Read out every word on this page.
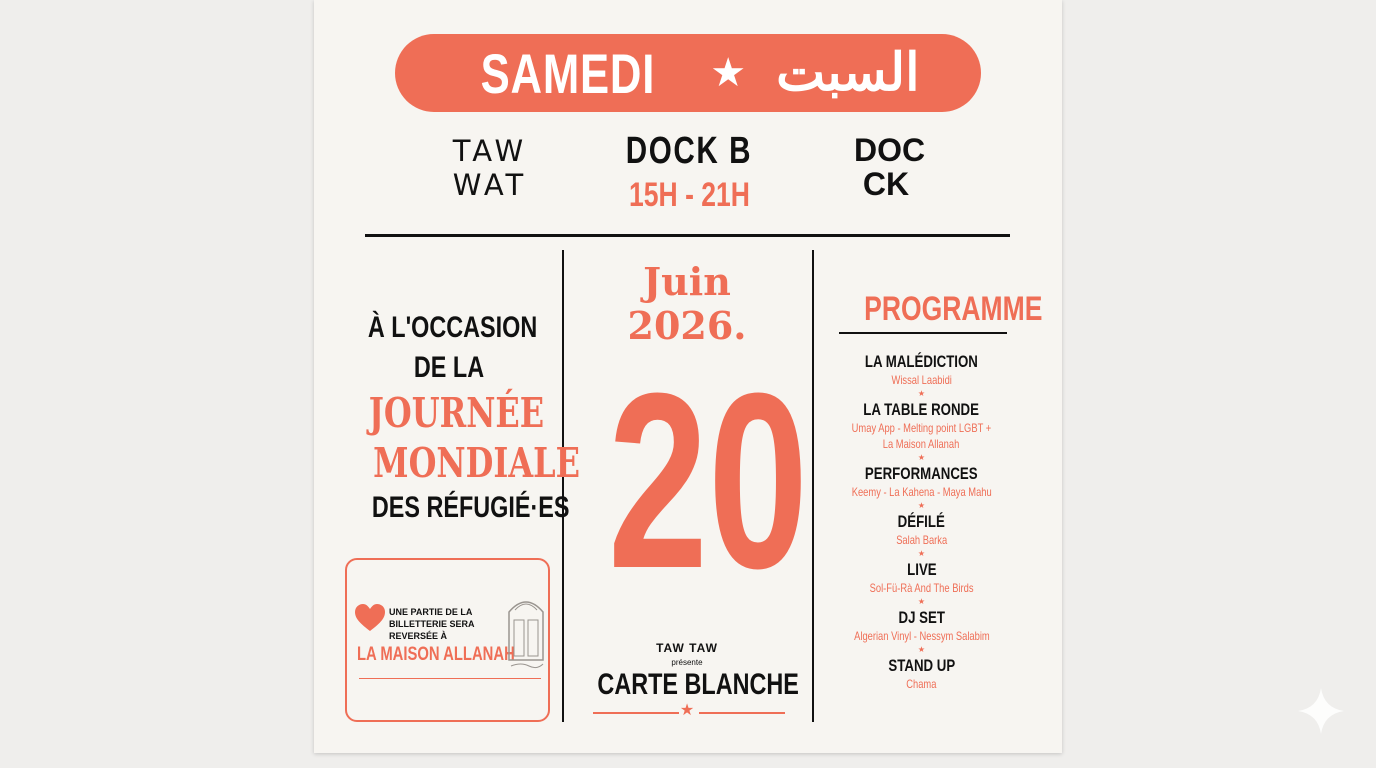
SAMEDI ★ السبت
TAW
WAT
DOCK B
15H - 21H
DOC
CK
À L'OCCASION
DE LA
JOURNÉE
MONDIALE
DES RÉFUGIÉ·ES
UNE PARTIE DE LA BILLETTERIE SERA REVERSÉE À
LA MAISON ALLANAH
Juin
2026.
20
TAW TAW
présente
CARTE BLANCHE
★
PROGRAMME
LA MALÉDICTION
Wissal Laabidi
★
LA TABLE RONDE
Umay App - Melting point LGBT +
La Maison Allanah
★
PERFORMANCES
Keemy - La Kahena - Maya Mahu
★
DÉFILÉ
Salah Barka
★
LIVE
Sol-Fü-Rà And The Birds
★
DJ SET
Algerian Vinyl - Nessym Salabim
★
STAND UP
Chama
